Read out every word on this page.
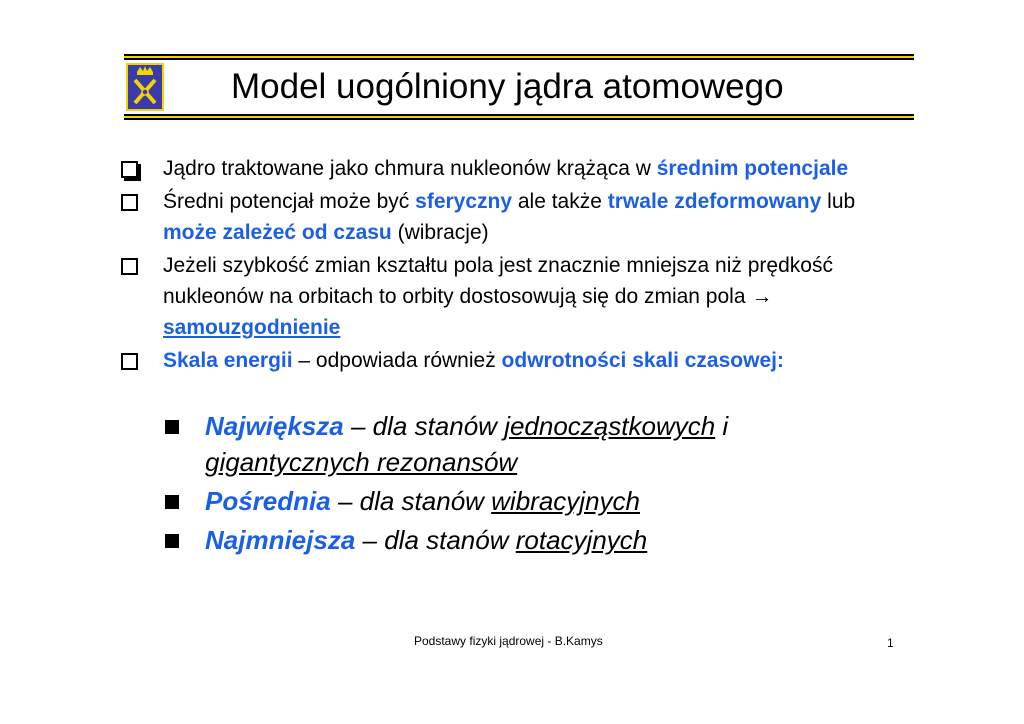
Model uogólniony jądra atomowego
Jądro traktowane jako chmura nukleonów krążąca w średnim potencjale
Średni potencjał może być sferyczny ale także trwale zdeformowany lub może zależeć od czasu (wibracje)
Jeżeli szybkość zmian kształtu pola jest znacznie mniejsza niż prędkość nukleonów na orbitach to orbity dostosowują się do zmian pola → samouzgodnienie
Skala energii – odpowiada również odwrotności skali czasowej:
Największa – dla stanów jednocząstkowych i gigantycznych rezonansów
Pośrednia – dla stanów wibracyjnych
Najmniejsza – dla stanów rotacyjnych
Podstawy fizyki jądrowej - B.Kamys	1
